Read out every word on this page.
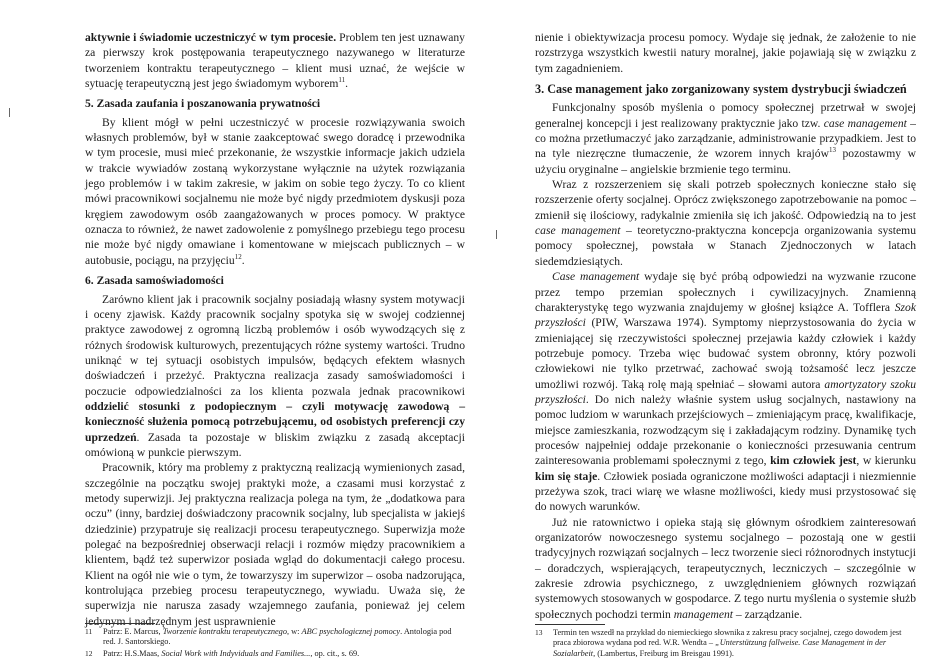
aktywnie i świadomie uczestniczyć w tym procesie. Problem ten jest uznawany za pierwszy krok postępowania terapeutycznego nazywanego w literaturze tworzeniem kontraktu terapeutycznego – klient musi uznać, że wejście w sytuację terapeutyczną jest jego świadomym wyborem$^{11}$.

5. Zasada zaufania i poszanowania prywatności

By klient mógł w pełni uczestniczyć w procesie rozwiązywania swoich własnych problemów, był w stanie zaakceptować swego doradcę i przewodnika w tym procesie, musi mieć przekonanie, że wszystkie informacje jakich udziela w trakcie wywiadów zostaną wykorzystane wyłącznie na użytek rozwiązania jego problemów i w takim zakresie, w jakim on sobie tego życzy. To co klient mówi pracownikowi socjalnemu nie może być nigdy przedmiotem dyskusji poza kręgiem zawodowym osób zaangażowanych w proces pomocy. W praktyce oznacza to również, że nawet zadowolenie z pomyślnego przebiegu tego procesu nie może być nigdy omawiane i komentowane w miejscach publicznych – w autobusie, pociągu, na przyjęciu$^{12}$.

6. Zasada samoświadomości

Zarówno klient jak i pracownik socjalny posiadają własny system motywacji i oceny zjawisk. Każdy pracownik socjalny spotyka się w swojej codziennej praktyce zawodowej z ogromną liczbą problemów i osób wywodzących się z różnych środowisk kulturowych, prezentujących różne systemy wartości. Trudno uniknąć w tej sytuacji osobistych impulsów, będących efektem własnych doświadczeń i przeżyć. Praktyczna realizacja zasady samoświadomości i poczucie odpowiedzialności za los klienta pozwala jednak pracownikowi oddzielić stosunki z podopiecznym – czyli motywację zawodową – konieczność służenia pomocą potrzebującemu, od osobistych preferencji czy uprzedzeń. Zasada ta pozostaje w bliskim związku z zasadą akceptacji omówioną w punkcie pierwszym.

Pracownik, który ma problemy z praktyczną realizacją wymienionych zasad, szczególnie na początku swojej praktyki może, a czasami musi korzystać z metody superwizji. Jej praktyczna realizacja polega na tym, że „dodatkowa para oczu” (inny, bardziej doświadczony pracownik socjalny, lub specjalista w jakiejś dziedzinie) przypatruje się realizacji procesu terapeutycznego. Superwizja może polegać na bezpośredniej obserwacji relacji i rozmów między pracownikiem a klientem, bądź też superwizor posiada wgląd do dokumentacji całego procesu. Klient na ogół nie wie o tym, że towarzyszy im superwizor – osoba nadzorująca, kontrolująca przebieg procesu terapeutycznego, wywiadu. Uważa się, że superwizja nie narusza zasady wzajemnego zaufania, ponieważ jej celem jedynym i nadrzędnym jest usprawnienie

11	Patrz: E. Marcus, Tworzenie kontraktu terapeutycznego, w: ABC psychologicznej pomocy. Antologia pod red. J. Santorskiego.
12	Patrz: H.S.Maas, Social Work with Indyviduals and Families..., op. cit., s. 69.
|
|

nienie i obiektywizacja procesu pomocy. Wydaje się jednak, że założenie to nie rozstrzyga wszystkich kwestii natury moralnej, jakie pojawiają się w związku z tym zagadnieniem.

3. Case management jako zorganizowany system dystrybucji świadczeń

Funkcjonalny sposób myślenia o pomocy społecznej przetrwał w swojej generalnej koncepcji i jest realizowany praktycznie jako tzw. case management – co można przetłumaczyć jako zarządzanie, administrowanie przypadkiem. Jest to na tyle niezręczne tłumaczenie, że wzorem innych krajów$^{13}$ pozostawmy w użyciu oryginalne – angielskie brzmienie tego terminu.

Wraz z rozszerzeniem się skali potrzeb społecznych konieczne stało się rozszerzenie oferty socjalnej. Oprócz zwiększonego zapotrzebowanie na pomoc – zmienił się ilościowy, radykalnie zmieniła się ich jakość. Odpowiedzią na to jest case management – teoretyczno-praktyczna koncepcja organizowania systemu pomocy społecznej, powstała w Stanach Zjednoczonych w latach siedemdziesiątych.

Case management wydaje się być próbą odpowiedzi na wyzwanie rzucone przez tempo przemian społecznych i cywilizacyjnych. Znamienną charakterystykę tego wyzwania znajdujemy w głośnej książce A. Tofflera Szok przyszłości (PIW, Warszawa 1974). Symptomy nieprzystosowania do życia w zmieniającej się rzeczywistości społecznej przejawia każdy człowiek i każdy potrzebuje pomocy. Trzeba więc budować system obronny, który pozwoli człowiekowi nie tylko przetrwać, zachować swoją tożsamość lecz jeszcze umożliwi rozwój. Taką rolę mają spełniać – słowami autora amortyzatory szoku przyszłości. Do nich należy właśnie system usług socjalnych, nastawiony na pomoc ludziom w warunkach przejściowych – zmieniającym pracę, kwalifikacje, miejsce zamieszkania, rozwodzącym się i zakładającym rodziny. Dynamikę tych procesów najpełniej oddaje przekonanie o konieczności przesuwania centrum zainteresowania problemami społecznymi z tego, kim człowiek jest, w kierunku kim się staje. Człowiek posiada ograniczone możliwości adaptacji i niezmiennie przeżywa szok, traci wiarę we własne możliwości, kiedy musi przystosować się do nowych warunków.

Już nie ratownictwo i opieka stają się głównym ośrodkiem zainteresowań organizatorów nowoczesnego systemu socjalnego – pozostają one w gestii tradycyjnych rozwiązań socjalnych – lecz tworzenie sieci różnorodnych instytucji – doradczych, wspierających, terapeutycznych, leczniczych – szczególnie w zakresie zdrowia psychicznego, z uwzględnieniem głównych rozwiązań systemowych stosowanych w gospodarce. Z tego nurtu myślenia o systemie służb społecznych pochodzi termin management – zarządzanie.

13	Termin ten wszedł na przykład do niemieckiego słownika z zakresu pracy socjalnej, czego dowodem jest praca zbiorowa wydana pod red. W.R. Wendta – „Unterstützung fallweise. Case Management in der Sozialarbeit, (Lambertus, Freiburg im Breisgau 1991).
